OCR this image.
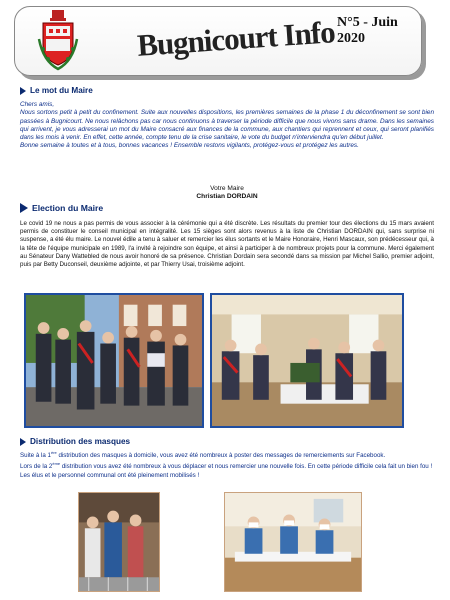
Bugnicourt Info N°5 - Juin 2020
Le mot du Maire

Chers amis,

Nous sortons petit à petit du confinement. Suite aux nouvelles dispositions, les premières semaines de la phase 1 du déconfinement se sont bien passées à Bugnicourt. Ne nous relâchons pas car nous continuons à traverser la période difficile que nous vivons sans drame. Dans les semaines qui arrivent, je vous adresserai un mot du Maire consacré aux finances de la commune, aux chantiers qui reprennent et ceux, qui seront planifiés dans les mois à venir. En effet, cette année, compte tenu de la crise sanitaire, le vote du budget n'interviendra qu'en début juillet.

Bonne semaine à toutes et à tous, bonnes vacances ! Ensemble restons vigilants, protégez-vous et protégez les autres.

Votre Maire
Christian DORDAIN
Election du Maire
Le covid 19 ne nous a pas permis de vous associer à la cérémonie qui a été discrète. Les résultats du premier tour des élections du 15 mars avaient permis de constituer le conseil municipal en intégralité. Les 15 sièges sont alors revenus à la liste de Christian DORDAIN qui, sans surprise ni suspense, a été élu maire. Le nouvel édile a tenu à saluer et remercier les élus sortants et le Maire Honoraire, Henri Mascaux, son prédécesseur qui, à la tête de l'équipe municipale en 1989, l'a invité à rejoindre son équipe, et ainsi à participer à de nombreux projets pour la commune. Merci également au Sénateur Dany Wattebled de nous avoir honoré de sa présence. Christian Dordain sera secondé dans sa mission par Michel Sallio, premier adjoint, puis par Betty Duconseil, deuxième adjointe, et par Thierry Usai, troisième adjoint.
Distribution des masques

Suite à la 1ère distribution des masques à domicile, vous avez été nombreux à poster des messages de remerciements sur Facebook.

Lors de la 2ème distribution vous avez été nombreux à vous déplacer et nous remercier une nouvelle fois. En cette période difficile cela fait un bien fou !

Les élus et le personnel communal ont été pleinement mobilisés !
